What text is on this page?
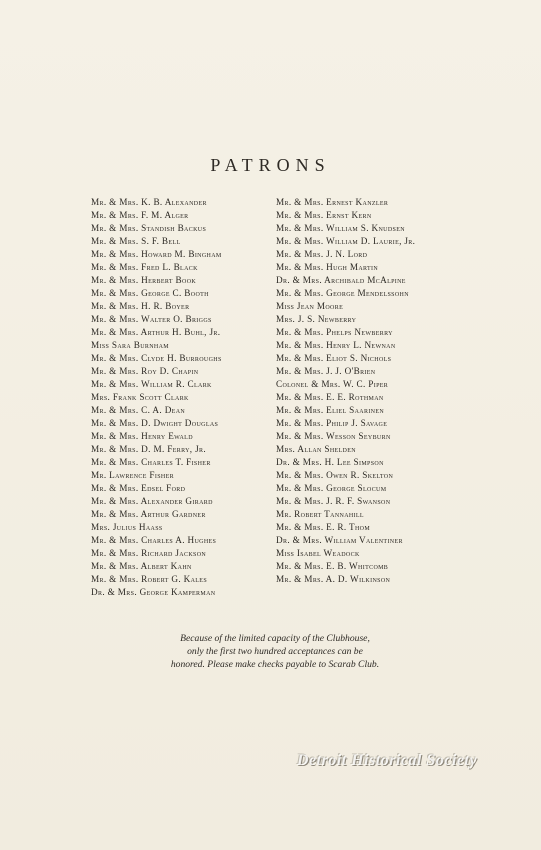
PATRONS
Mr. & Mrs. K. B. Alexander
Mr. & Mrs. F. M. Alger
Mr. & Mrs. Standish Backus
Mr. & Mrs. S. F. Bell
Mr. & Mrs. Howard M. Bingham
Mr. & Mrs. Fred L. Black
Mr. & Mrs. Herbert Book
Mr. & Mrs. George C. Booth
Mr. & Mrs. H. R. Boyer
Mr. & Mrs. Walter O. Briggs
Mr. & Mrs. Arthur H. Buhl, Jr.
Miss Sara Burnham
Mr. & Mrs. Clyde H. Burroughs
Mr. & Mrs. Roy D. Chapin
Mr. & Mrs. William R. Clark
Mrs. Frank Scott Clark
Mr. & Mrs. C. A. Dean
Mr. & Mrs. D. Dwight Douglas
Mr. & Mrs. Henry Ewald
Mr. & Mrs. D. M. Ferry, Jr.
Mr. & Mrs. Charles T. Fisher
Mr. Lawrence Fisher
Mr. & Mrs. Edsel Ford
Mr. & Mrs. Alexander Girard
Mr. & Mrs. Arthur Gardner
Mrs. Julius Haass
Mr. & Mrs. Charles A. Hughes
Mr. & Mrs. Richard Jackson
Mr. & Mrs. Albert Kahn
Mr. & Mrs. Robert G. Kales
Dr. & Mrs. George Kamperman
Mr. & Mrs. Ernest Kanzler
Mr. & Mrs. Ernst Kern
Mr. & Mrs. William S. Knudsen
Mr. & Mrs. William D. Laurie, Jr.
Mr. & Mrs. J. N. Lord
Mr. & Mrs. Hugh Martin
Dr. & Mrs. Archibald McAlpine
Mr. & Mrs. George Mendelssohn
Miss Jean Moore
Mrs. J. S. Newberry
Mr. & Mrs. Phelps Newberry
Mr. & Mrs. Henry L. Newnan
Mr. & Mrs. Eliot S. Nichols
Mr. & Mrs. J. J. O'Brien
Colonel & Mrs. W. C. Piper
Mr. & Mrs. E. E. Rothman
Mr. & Mrs. Eliel Saarinen
Mr. & Mrs. Philip J. Savage
Mr. & Mrs. Wesson Seyburn
Mrs. Allan Shelden
Dr. & Mrs. H. Lee Simpson
Mr. & Mrs. Owen R. Skelton
Mr. & Mrs. George Slocum
Mr. & Mrs. J. R. F. Swanson
Mr. Robert Tannahill
Mr. & Mrs. E. R. Thom
Dr. & Mrs. William Valentiner
Miss Isabel Weadock
Mr. & Mrs. E. B. Whitcomb
Mr. & Mrs. A. D. Wilkinson
Because of the limited capacity of the Clubhouse,
only the first two hundred acceptances can be
honored. Please make checks payable to Scarab Club.
Detroit Historical Society
